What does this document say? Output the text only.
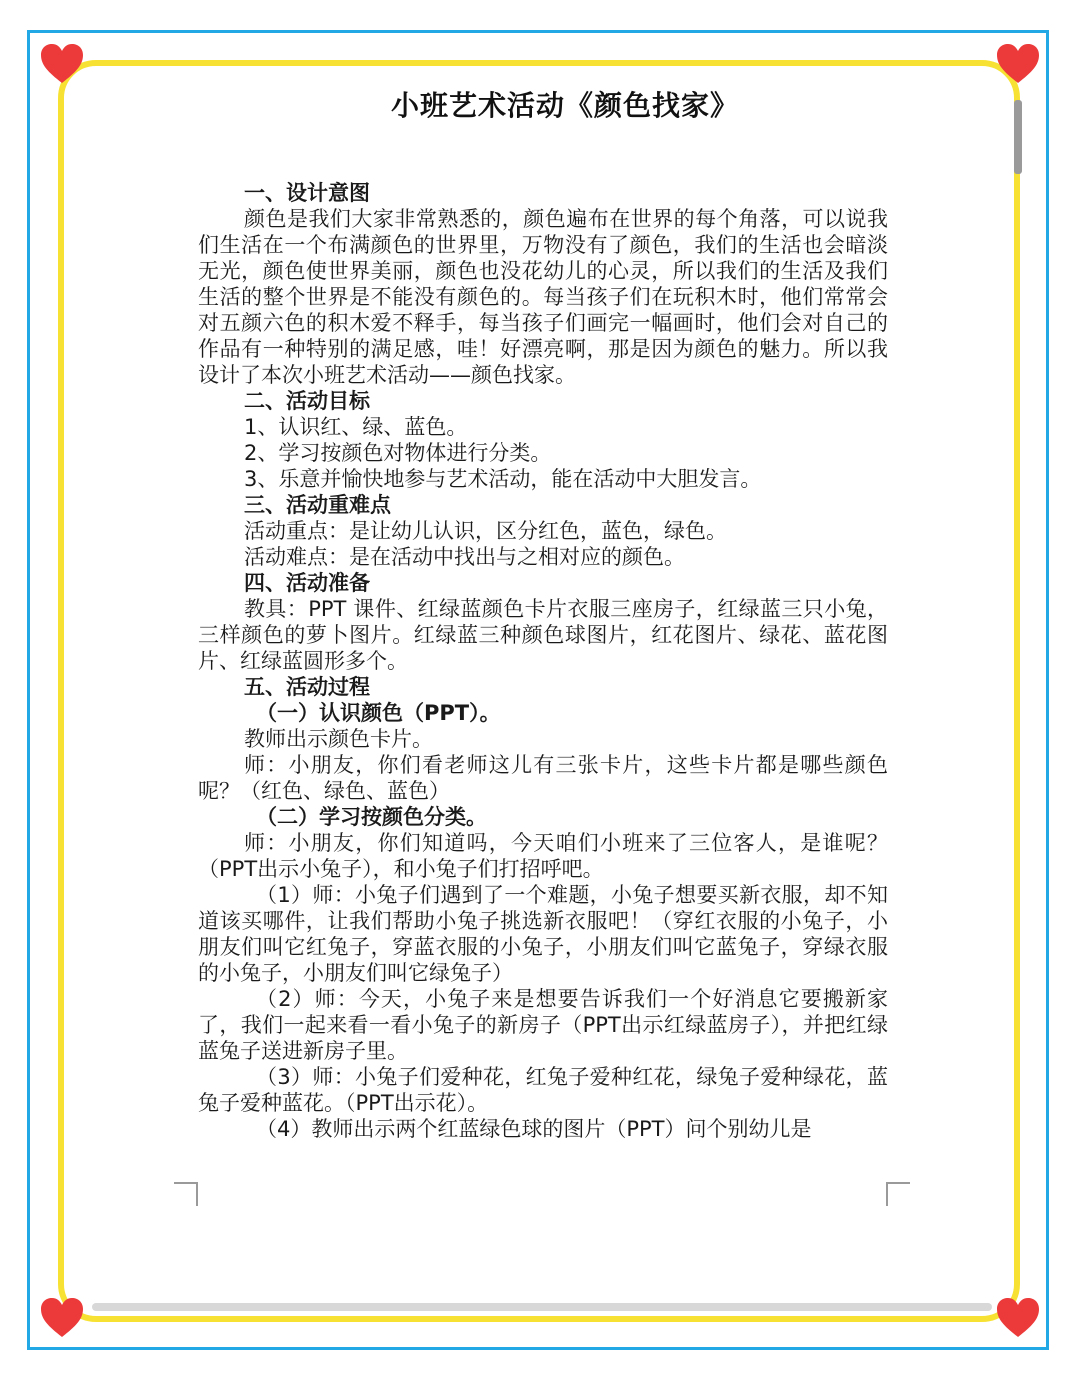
小班艺术活动《颜色找家》

一、设计意图

颜色是我们大家非常熟悉的，颜色遍布在世界的每个角落，可以说我们生活在一个布满颜色的世界里，万物没有了颜色，我们的生活也会暗淡无光，颜色使世界美丽，颜色也没花幼儿的心灵，所以我们的生活及我们生活的整个世界是不能没有颜色的。每当孩子们在玩积木时，他们常常会对五颜六色的积木爱不释手，每当孩子们画完一幅画时，他们会对自己的作品有一种特别的满足感，哇！好漂亮啊，那是因为颜色的魅力。所以我设计了本次小班艺术活动——颜色找家。

二、活动目标

1、认识红、绿、蓝色。

2、学习按颜色对物体进行分类。

3、乐意并愉快地参与艺术活动，能在活动中大胆发言。

三、活动重难点

活动重点：是让幼儿认识，区分红色，蓝色，绿色。

活动难点：是在活动中找出与之相对应的颜色。

四、活动准备

教具：PPT 课件、红绿蓝颜色卡片衣服三座房子，红绿蓝三只小兔，三样颜色的萝卜图片。红绿蓝三种颜色球图片，红花图片、绿花、蓝花图片、红绿蓝圆形多个。

五、活动过程

（一）认识颜色（PPT）。

教师出示颜色卡片。

师：小朋友，你们看老师这儿有三张卡片，这些卡片都是哪些颜色呢？（红色、绿色、蓝色）

（二）学习按颜色分类。

师：小朋友，你们知道吗，今天咱们小班来了三位客人，是谁呢？（PPT出示小兔子），和小兔子们打招呼吧。

（1）师：小兔子们遇到了一个难题，小兔子想要买新衣服，却不知道该买哪件，让我们帮助小兔子挑选新衣服吧！（穿红衣服的小兔子，小朋友们叫它红兔子，穿蓝衣服的小兔子，小朋友们叫它蓝兔子，穿绿衣服的小兔子，小朋友们叫它绿兔子）

（2）师：今天，小兔子来是想要告诉我们一个好消息它要搬新家了，我们一起来看一看小兔子的新房子（PPT出示红绿蓝房子），并把红绿蓝兔子送进新房子里。

（3）师：小兔子们爱种花，红兔子爱种红花，绿兔子爱种绿花，蓝兔子爱种蓝花。（PPT出示花）。

（4）教师出示两个红蓝绿色球的图片（PPT）问个别幼儿是
